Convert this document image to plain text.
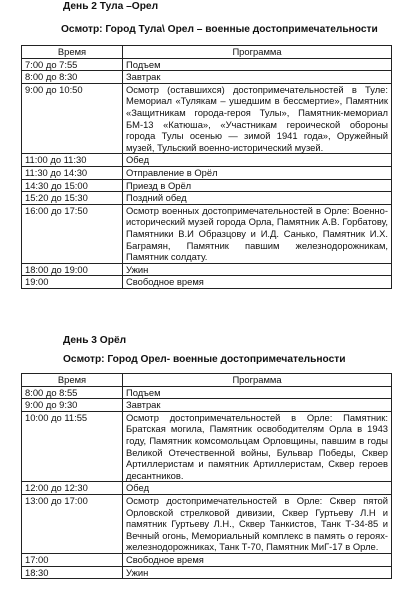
День 2 Тула –Орел
Осмотр: Город Тула\ Орел – военные достопримечательности
Время	Программа
7:00 до 7:55	Подъем
8:00 до 8:30	Завтрак
9:00 до 10:50	Осмотр (оставшихся) достопримечательностей в Туле: Мемориал «Тулякам – ушедшим в бессмертие», Памятник «Защитникам города-героя Тулы», Памятник-мемориал БМ-13 «Катюша», «Участникам героической обороны города Тулы осенью — зимой 1941 года», Оружейный музей, Тульский военно-исторический музей.
11:00 до 11:30	Обед
11:30 до 14:30	Отправление в Орёл
14:30 до 15:00	Приезд в Орёл
15:20 до 15:30	Поздний обед
16:00 до 17:50	Осмотр военных достопримечательностей в Орле: Военно-исторический музей города Орла, Памятник А.В. Горбатову, Памятники В.И Образцову и И.Д. Санько, Памятник И.Х. Баграмян, Памятник павшим железнодорожникам, Памятник солдату.
18:00 до 19:00	Ужин
19:00	Свободное время
День 3 Орёл
Осмотр: Город Орел- военные достопримечательности
Время	Программа
8:00 до 8:55	Подъем
9:00 до 9:30	Завтрак
10:00 до 11:55	Осмотр достопримечательностей в Орле: Памятник: Братская могила, Памятник освободителям Орла в 1943 году, Памятник комсомольцам Орловщины, павшим в годы Великой Отечественной войны, Бульвар Победы, Сквер Артиллеристам и памятник Артиллеристам, Сквер героев десантников.
12:00 до 12:30	Обед
13:00 до 17:00	Осмотр достопримечательностей в Орле: Сквер пятой Орловской стрелковой дивизии, Сквер Гуртьеву Л.Н и памятник Гуртьеву Л.Н., Сквер Танкистов, Танк Т-34-85 и Вечный огонь, Мемориальный комплекс в память о героях-железнодорожниках, Танк Т-70, Памятник МиГ-17 в Орле.
17:00	Свободное время
18:30	Ужин
